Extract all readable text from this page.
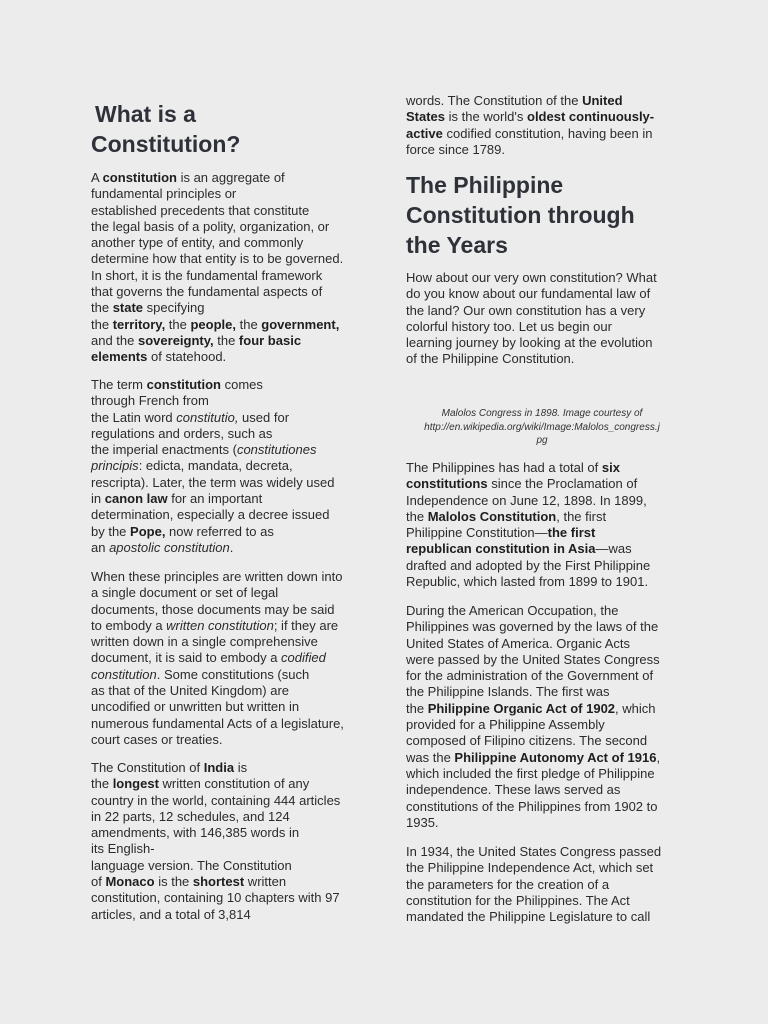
What is a
Constitution?

A constitution is an aggregate of
fundamental principles or
established precedents that constitute
the legal basis of a polity, organization, or
another type of entity, and commonly
determine how that entity is to be governed.
In short, it is the fundamental framework
that governs the fundamental aspects of
the state specifying
the territory, the people, the government,
and the sovereignty, the four basic
elements of statehood.

The term constitution comes
through French from
the Latin word constitutio, used for
regulations and orders, such as
the imperial enactments (constitutiones
principis: edicta, mandata, decreta,
rescripta). Later, the term was widely used
in canon law for an important
determination, especially a decree issued
by the Pope, now referred to as
an apostolic constitution.

When these principles are written down into
a single document or set of legal
documents, those documents may be said
to embody a written constitution; if they are
written down in a single comprehensive
document, it is said to embody a codified
constitution. Some constitutions (such
as that of the United Kingdom) are
uncodified or unwritten but written in
numerous fundamental Acts of a legislature,
court cases or treaties.

The Constitution of India is
the longest written constitution of any
country in the world, containing 444 articles
in 22 parts, 12 schedules, and 124
amendments, with 146,385 words in
its English-
language version. The Constitution
of Monaco is the shortest written
constitution, containing 10 chapters with 97
articles, and a total of 3,814

words. The Constitution of the United
States is the world's oldest continuously-
active codified constitution, having been in
force since 1789.

The Philippine
Constitution through
the Years

How about our very own constitution? What
do you know about our fundamental law of
the land? Our own constitution has a very
colorful history too. Let us begin our
learning journey by looking at the evolution
of the Philippine Constitution.

Malolos Congress in 1898. Image courtesy of
http://en.wikipedia.org/wiki/Image:Malolos_congress.j
pg

The Philippines has had a total of six
constitutions since the Proclamation of
Independence on June 12, 1898. In 1899,
the Malolos Constitution, the first
Philippine Constitution—the first
republican constitution in Asia—was
drafted and adopted by the First Philippine
Republic, which lasted from 1899 to 1901.

During the American Occupation, the
Philippines was governed by the laws of the
United States of America. Organic Acts
were passed by the United States Congress
for the administration of the Government of
the Philippine Islands. The first was
the Philippine Organic Act of 1902, which
provided for a Philippine Assembly
composed of Filipino citizens. The second
was the Philippine Autonomy Act of 1916,
which included the first pledge of Philippine
independence. These laws served as
constitutions of the Philippines from 1902 to
1935.

In 1934, the United States Congress passed
the Philippine Independence Act, which set
the parameters for the creation of a
constitution for the Philippines. The Act
mandated the Philippine Legislature to call
